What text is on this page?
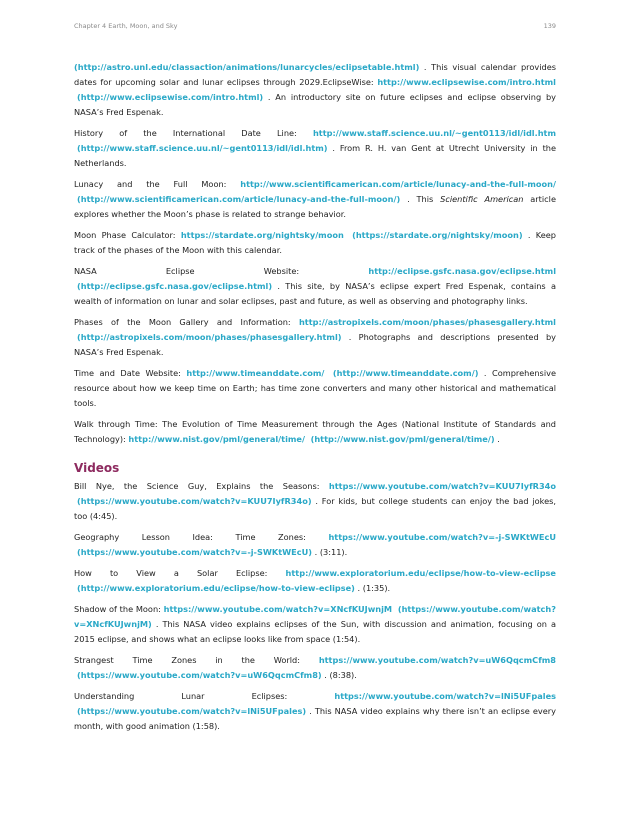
Chapter 4 Earth, Moon, and Sky	139

(http://astro.unl.edu/classaction/animations/lunarcycles/eclipsetable.html) . This visual calendar provides dates for upcoming solar and lunar eclipses through 2029.EclipseWise: http://www.eclipsewise.com/intro.html (http://www.eclipsewise.com/intro.html) . An introductory site on future eclipses and eclipse observing by NASA’s Fred Espenak.

History of the International Date Line: http://www.staff.science.uu.nl/~gent0113/idl/idl.htm (http://www.staff.science.uu.nl/~gent0113/idl/idl.htm) . From R. H. van Gent at Utrecht University in the Netherlands.

Lunacy and the Full Moon: http://www.scientificamerican.com/article/lunacy-and-the-full-moon/ (http://www.scientificamerican.com/article/lunacy-and-the-full-moon/) . This Scientific American article explores whether the Moon’s phase is related to strange behavior.

Moon Phase Calculator: https://stardate.org/nightsky/moon (https://stardate.org/nightsky/moon) . Keep track of the phases of the Moon with this calendar.

NASA Eclipse Website: http://eclipse.gsfc.nasa.gov/eclipse.html (http://eclipse.gsfc.nasa.gov/eclipse.html) . This site, by NASA’s eclipse expert Fred Espenak, contains a wealth of information on lunar and solar eclipses, past and future, as well as observing and photography links.

Phases of the Moon Gallery and Information: http://astropixels.com/moon/phases/phasesgallery.html (http://astropixels.com/moon/phases/phasesgallery.html) . Photographs and descriptions presented by NASA’s Fred Espenak.

Time and Date Website: http://www.timeanddate.com/ (http://www.timeanddate.com/) . Comprehensive resource about how we keep time on Earth; has time zone converters and many other historical and mathematical tools.

Walk through Time: The Evolution of Time Measurement through the Ages (National Institute of Standards and Technology): http://www.nist.gov/pml/general/time/ (http://www.nist.gov/pml/general/time/) .

Videos

Bill Nye, the Science Guy, Explains the Seasons: https://www.youtube.com/watch?v=KUU7IyfR34o (https://www.youtube.com/watch?v=KUU7IyfR34o) . For kids, but college students can enjoy the bad jokes, too (4:45).

Geography Lesson Idea: Time Zones: https://www.youtube.com/watch?v=-j-SWKtWEcU (https://www.youtube.com/watch?v=-j-SWKtWEcU) . (3:11).

How to View a Solar Eclipse: http://www.exploratorium.edu/eclipse/how-to-view-eclipse (http://www.exploratorium.edu/eclipse/how-to-view-eclipse) . (1:35).

Shadow of the Moon: https://www.youtube.com/watch?v=XNcfKUJwnjM (https://www.youtube.com/watch?v=XNcfKUJwnjM) . This NASA video explains eclipses of the Sun, with discussion and animation, focusing on a 2015 eclipse, and shows what an eclipse looks like from space (1:54).

Strangest Time Zones in the World: https://www.youtube.com/watch?v=uW6QqcmCfm8 (https://www.youtube.com/watch?v=uW6QqcmCfm8) . (8:38).

Understanding Lunar Eclipses: https://www.youtube.com/watch?v=lNi5UFpales (https://www.youtube.com/watch?v=lNi5UFpales) . This NASA video explains why there isn’t an eclipse every month, with good animation (1:58).
